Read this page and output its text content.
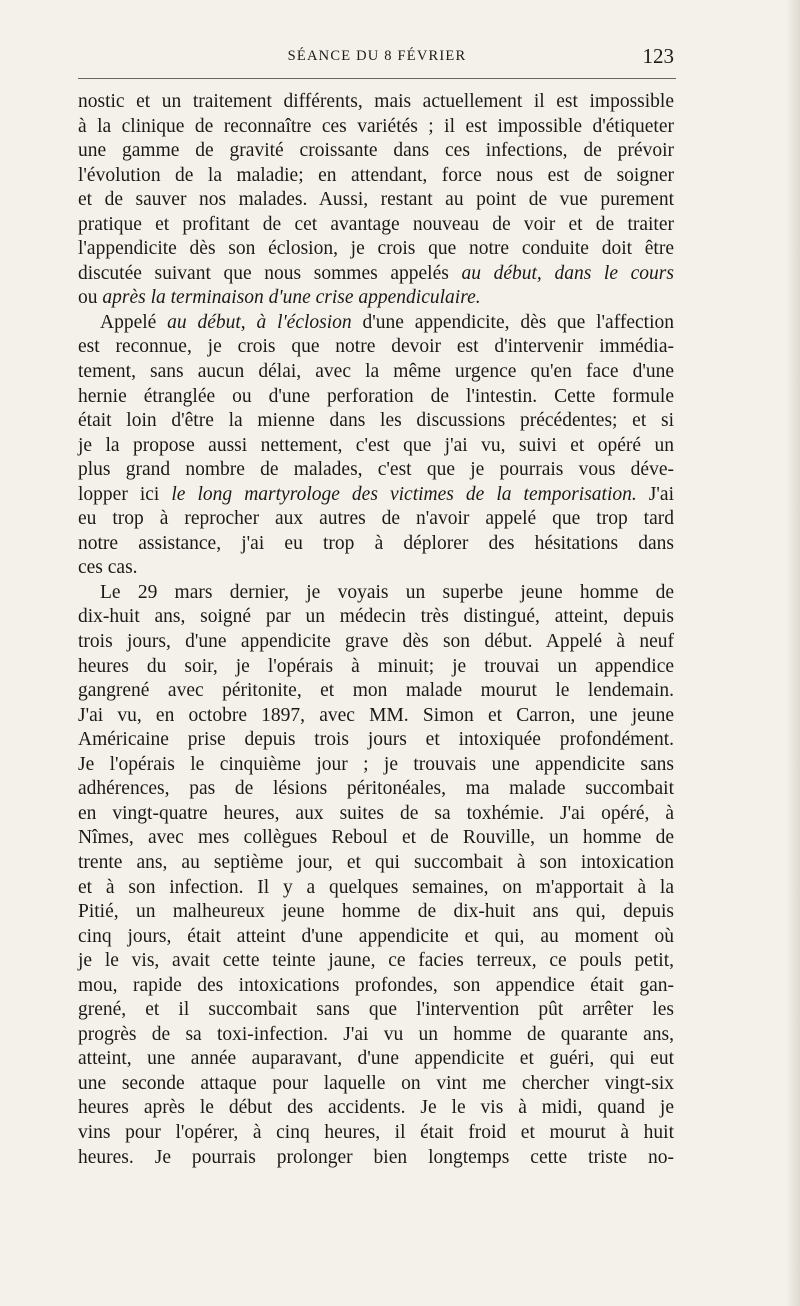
SÉANCE DU 8 FÉVRIER	123

nostic et un traitement différents, mais actuellement il est impossible
à la clinique de reconnaître ces variétés ; il est impossible d'étiqueter
une gamme de gravité croissante dans ces infections, de prévoir
l'évolution de la maladie; en attendant, force nous est de soigner
et de sauver nos malades. Aussi, restant au point de vue purement
pratique et profitant de cet avantage nouveau de voir et de traiter
l'appendicite dès son éclosion, je crois que notre conduite doit être
discutée suivant que nous sommes appelés au début, dans le cours
ou après la terminaison d'une crise appendiculaire.

Appelé au début, à l'éclosion d'une appendicite, dès que l'affection
est reconnue, je crois que notre devoir est d'intervenir immédia-
tement, sans aucun délai, avec la même urgence qu'en face d'une
hernie étranglée ou d'une perforation de l'intestin. Cette formule
était loin d'être la mienne dans les discussions précédentes; et si
je la propose aussi nettement, c'est que j'ai vu, suivi et opéré un
plus grand nombre de malades, c'est que je pourrais vous déve-
lopper ici le long martyrologe des victimes de la temporisation. J'ai
eu trop à reprocher aux autres de n'avoir appelé que trop tard
notre assistance, j'ai eu trop à déplorer des hésitations dans
ces cas.

Le 29 mars dernier, je voyais un superbe jeune homme de
dix-huit ans, soigné par un médecin très distingué, atteint, depuis
trois jours, d'une appendicite grave dès son début. Appelé à neuf
heures du soir, je l'opérais à minuit; je trouvai un appendice
gangrené avec péritonite, et mon malade mourut le lendemain.
J'ai vu, en octobre 1897, avec MM. Simon et Carron, une jeune
Américaine prise depuis trois jours et intoxiquée profondément.
Je l'opérais le cinquième jour ; je trouvais une appendicite sans
adhérences, pas de lésions péritonéales, ma malade succombait
en vingt-quatre heures, aux suites de sa toxhémie. J'ai opéré, à
Nîmes, avec mes collègues Reboul et de Rouville, un homme de
trente ans, au septième jour, et qui succombait à son intoxication
et à son infection. Il y a quelques semaines, on m'apportait à la
Pitié, un malheureux jeune homme de dix-huit ans qui, depuis
cinq jours, était atteint d'une appendicite et qui, au moment où
je le vis, avait cette teinte jaune, ce facies terreux, ce pouls petit,
mou, rapide des intoxications profondes, son appendice était gan-
grené, et il succombait sans que l'intervention pût arrêter les
progrès de sa toxi-infection. J'ai vu un homme de quarante ans,
atteint, une année auparavant, d'une appendicite et guéri, qui eut
une seconde attaque pour laquelle on vint me chercher vingt-six
heures après le début des accidents. Je le vis à midi, quand je
vins pour l'opérer, à cinq heures, il était froid et mourut à huit
heures. Je pourrais prolonger bien longtemps cette triste no-
